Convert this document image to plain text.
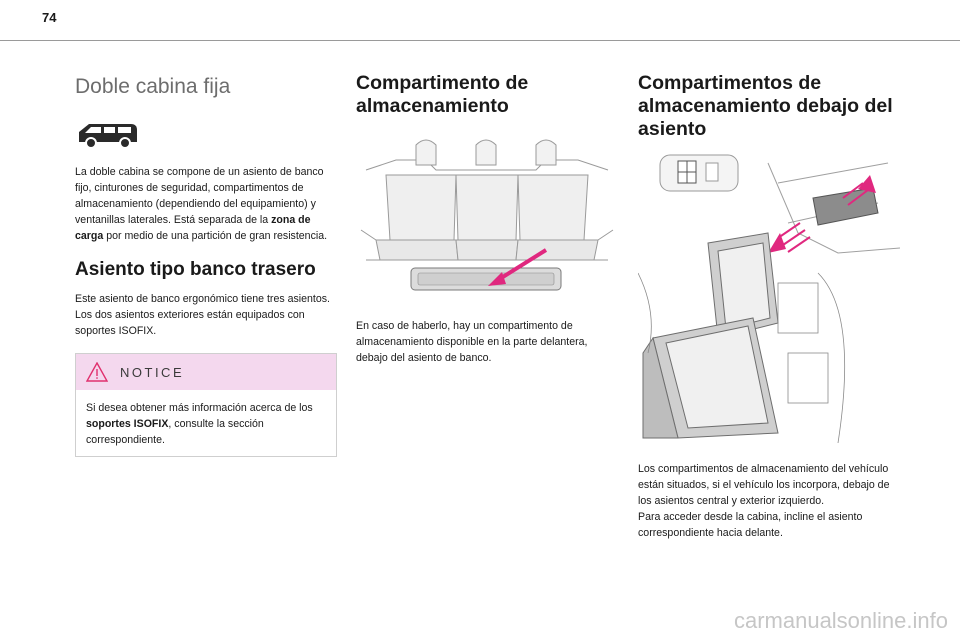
74
Doble cabina fija

La doble cabina se compone de un asiento de banco fijo, cinturones de seguridad, compartimentos de almacenamiento (dependiendo del equipamiento) y ventanillas laterales. Está separada de la zona de carga por medio de una partición de gran resistencia.

Asiento tipo banco trasero

Este asiento de banco ergonómico tiene tres asientos. Los dos asientos exteriores están equipados con soportes ISOFIX.

NOTICE

Si desea obtener más información acerca de los soportes ISOFIX, consulte la sección correspondiente.

Compartimento de almacenamiento

En caso de haberlo, hay un compartimento de almacenamiento disponible en la parte delantera, debajo del asiento de banco.

Compartimentos de almacenamiento debajo del asiento

Los compartimentos de almacenamiento del vehículo están situados, si el vehículo los incorpora, debajo de los asientos central y exterior izquierdo.

Para acceder desde la cabina, incline el asiento correspondiente hacia delante.

carmanualsonline.info
